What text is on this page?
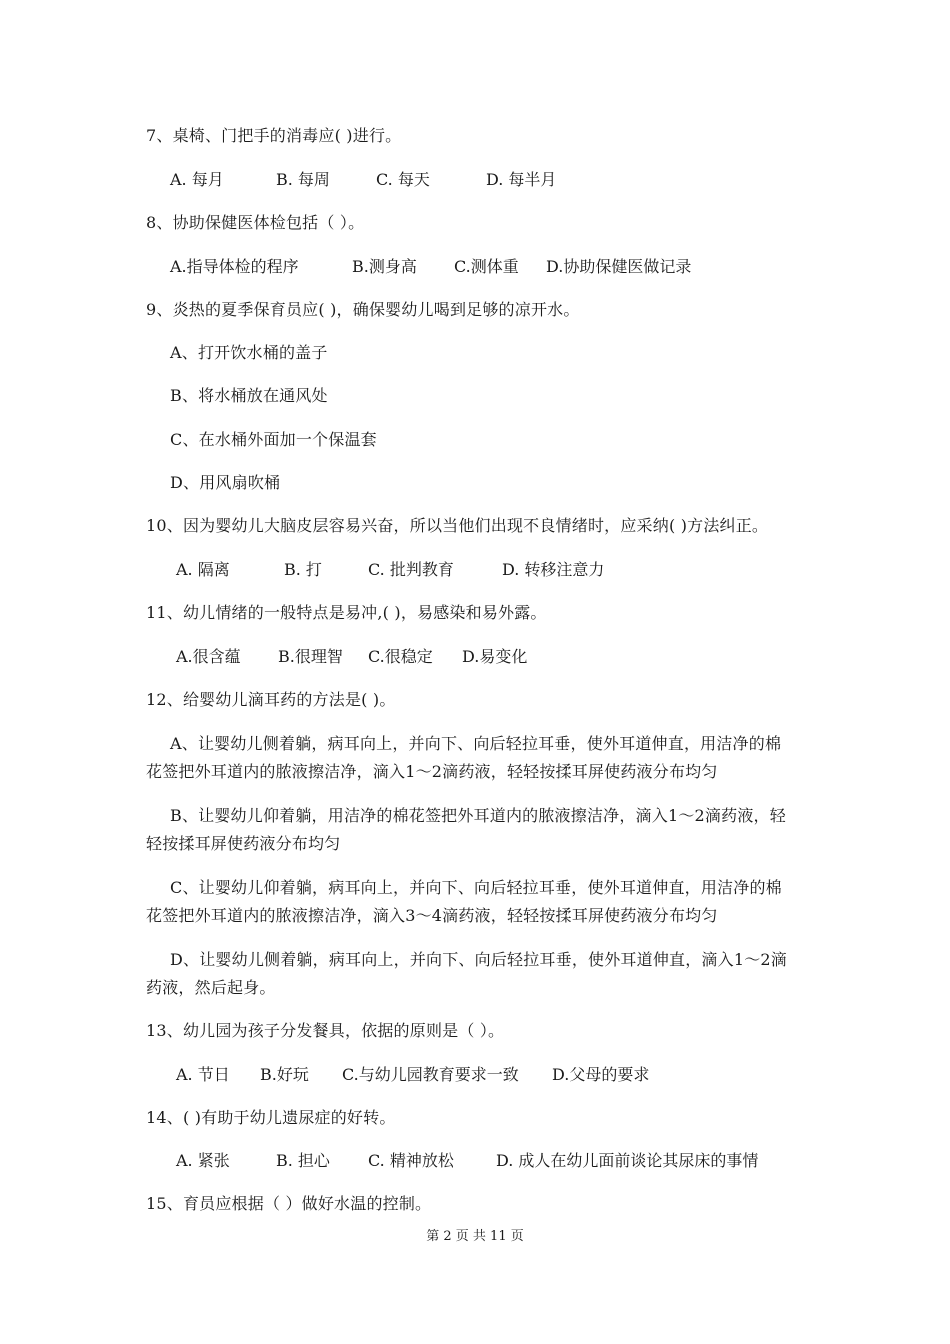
7、桌椅、门把手的消毒应( )进行。
A. 每月	B. 每周	C. 每天	D. 每半月
8、协助保健医体检包括（ ）。
A.指导体检的程序	B.测身高 C.测体重 D.协助保健医做记录
9、炎热的夏季保育员应( )，确保婴幼儿喝到足够的凉开水。
A、打开饮水桶的盖子
B、将水桶放在通风处
C、在水桶外面加一个保温套
D、用风扇吹桶
10、因为婴幼儿大脑皮层容易兴奋，所以当他们出现不良情绪时，应采纳( )方法纠正。
A. 隔离	B. 打	C. 批判教育	D. 转移注意力
11、幼儿情绪的一般特点是易冲,( )，易感染和易外露。
A.很含蕴 B.很理智 C.很稳定 D.易变化
12、给婴幼儿滴耳药的方法是( )。
A、让婴幼儿侧着躺，病耳向上，并向下、向后轻拉耳垂，使外耳道伸直，用洁净的棉
花签把外耳道内的脓液擦洁净，滴入1～2滴药液，轻轻按揉耳屏使药液分布均匀
B、让婴幼儿仰着躺，用洁净的棉花签把外耳道内的脓液擦洁净，滴入1～2滴药液，轻
轻按揉耳屏使药液分布均匀
C、让婴幼儿仰着躺，病耳向上，并向下、向后轻拉耳垂，使外耳道伸直，用洁净的棉
花签把外耳道内的脓液擦洁净，滴入3～4滴药液，轻轻按揉耳屏使药液分布均匀
D、让婴幼儿侧着躺，病耳向上，并向下、向后轻拉耳垂，使外耳道伸直，滴入1～2滴
药液，然后起身。
13、幼儿园为孩子分发餐具，依据的原则是（ ）。
A. 节日 B.好玩 C.与幼儿园教育要求一致 D.父母的要求
14、( )有助于幼儿遗尿症的好转。
A. 紧张	B. 担心 C. 精神放松	D. 成人在幼儿面前谈论其尿床的事情
15、育员应根据（ ）做好水温的控制。
第 2 页 共 11 页
